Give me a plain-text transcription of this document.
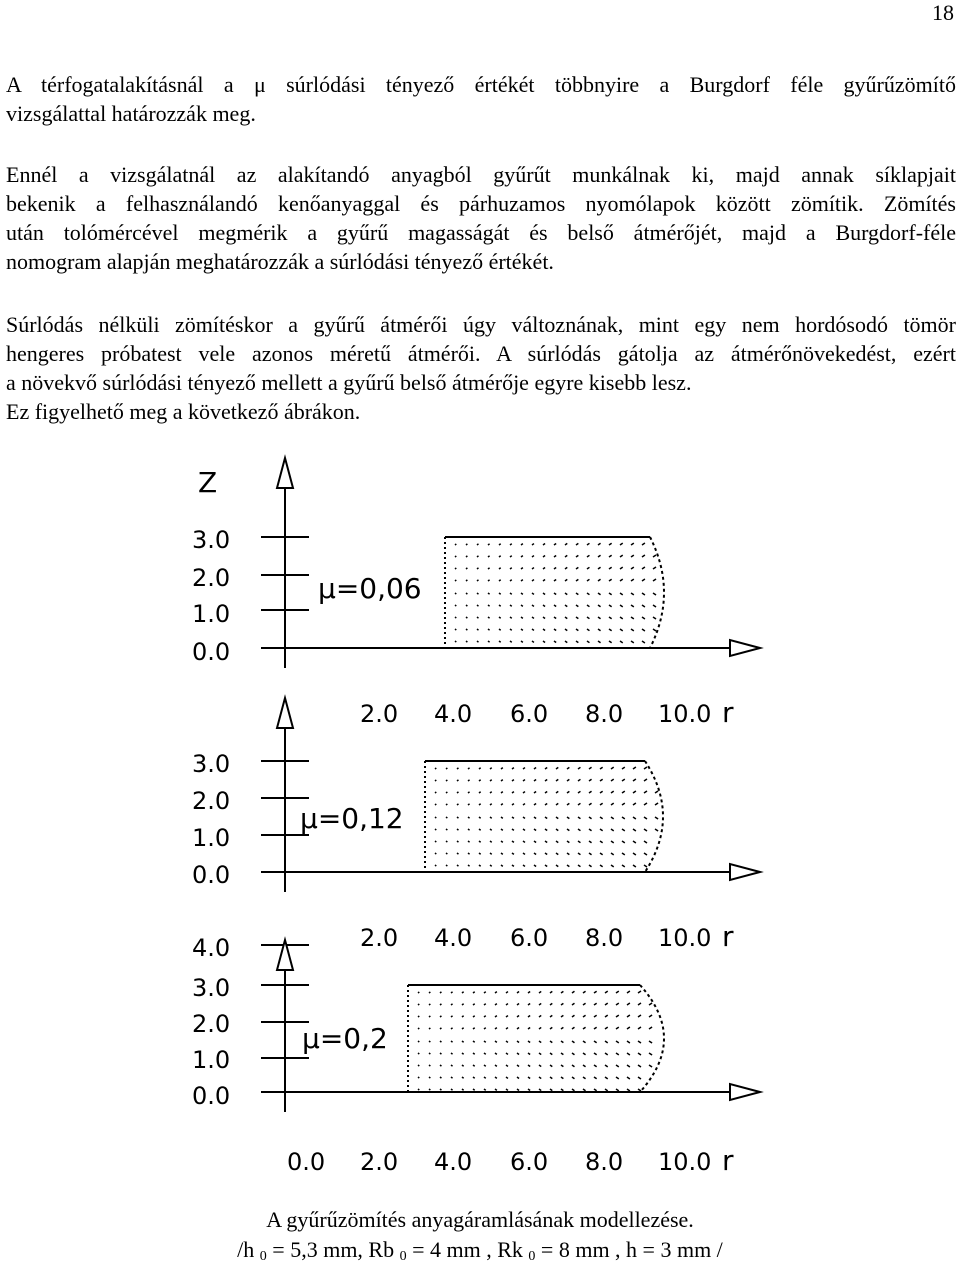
18

A térfogatalakításnál a μ súrlódási tényező értékét többnyire a Burgdorf féle gyűrűzömítő
vizsgálattal határozzák meg.

Ennél a vizsgálatnál az alakítandó anyagból gyűrűt munkálnak ki, majd annak síklapjait
bekenik a felhasználandó kenőanyaggal és párhuzamos nyomólapok között zömítik. Zömítés
után tolómércével megmérik a gyűrű magasságát és belső átmérőjét, majd a Burgdorf-féle
nomogram alapján meghatározzák a súrlódási tényező értékét.

Súrlódás nélküli zömítéskor a gyűrű átmérői úgy változnának, mint egy nem hordósodó tömör
hengeres próbatest vele azonos méretű átmérői. A súrlódás gátolja az átmérőnövekedést, ezért
a növekvő súrlódási tényező mellett a gyűrű belső átmérője egyre kisebb lesz.
Ez figyelhető meg a következő ábrákon.

Z
3.0
2.0
1.0
0.0
μ=0,06
2.0 4.0 6.0 8.0 10.0 r
3.0
2.0
1.0
0.0
μ=0,12
2.0 4.0 6.0 8.0 10.0 r
4.0
3.0
2.0
1.0
0.0
μ=0,2
0.0 2.0 4.0 6.0 8.0 10.0 r
A gyűrűzömítés anyagáramlásának modellezése.
/h $_0$ = 5,3 mm, Rb $_0$ = 4 mm , Rk $_0$ = 8 mm , h = 3 mm /
